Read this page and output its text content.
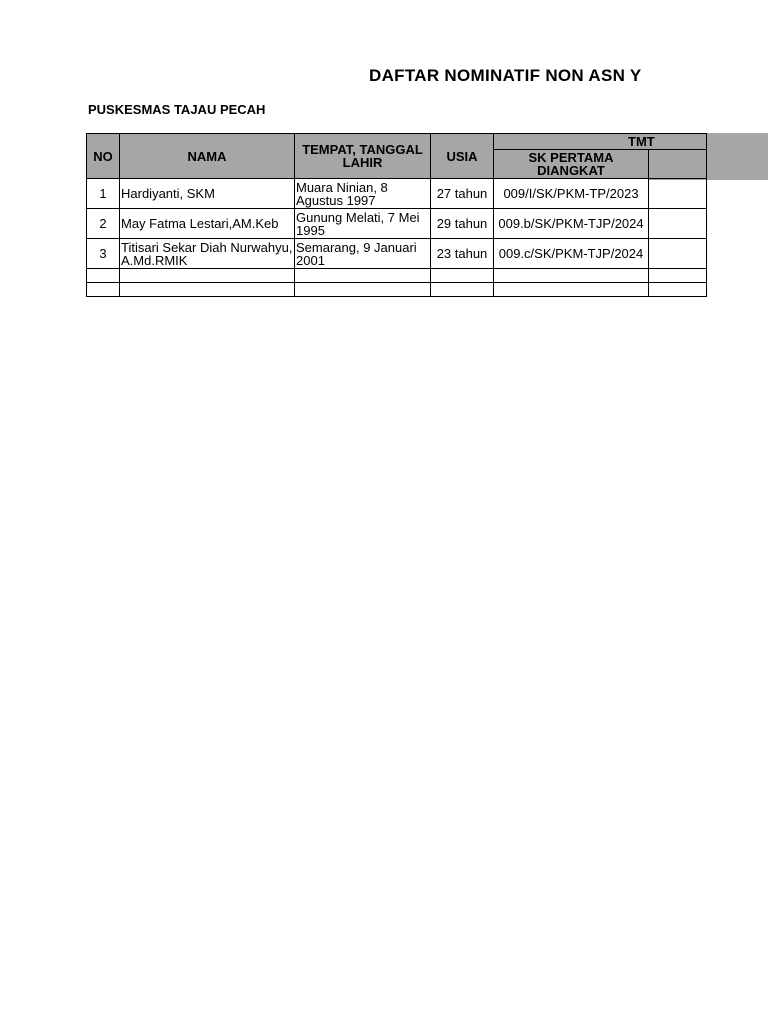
DAFTAR NOMINATIF NON ASN Y
PUSKESMAS TAJAU PECAH
NO	NAMA	TEMPAT, TANGGAL LAHIR	USIA	TMT	
				SK PERTAMA DIANGKAT	
1	Hardiyanti, SKM	Muara Ninian, 8 Agustus 1997	27 tahun	009/I/SK/PKM-TP/2023	
2	May Fatma Lestari,AM.Keb	Gunung Melati, 7 Mei 1995	29 tahun	009.b/SK/PKM-TJP/2024	
3	Titisari Sekar Diah Nurwahyu, A.Md.RMIK	Semarang, 9 Januari 2001	23 tahun	009.c/SK/PKM-TJP/2024	
